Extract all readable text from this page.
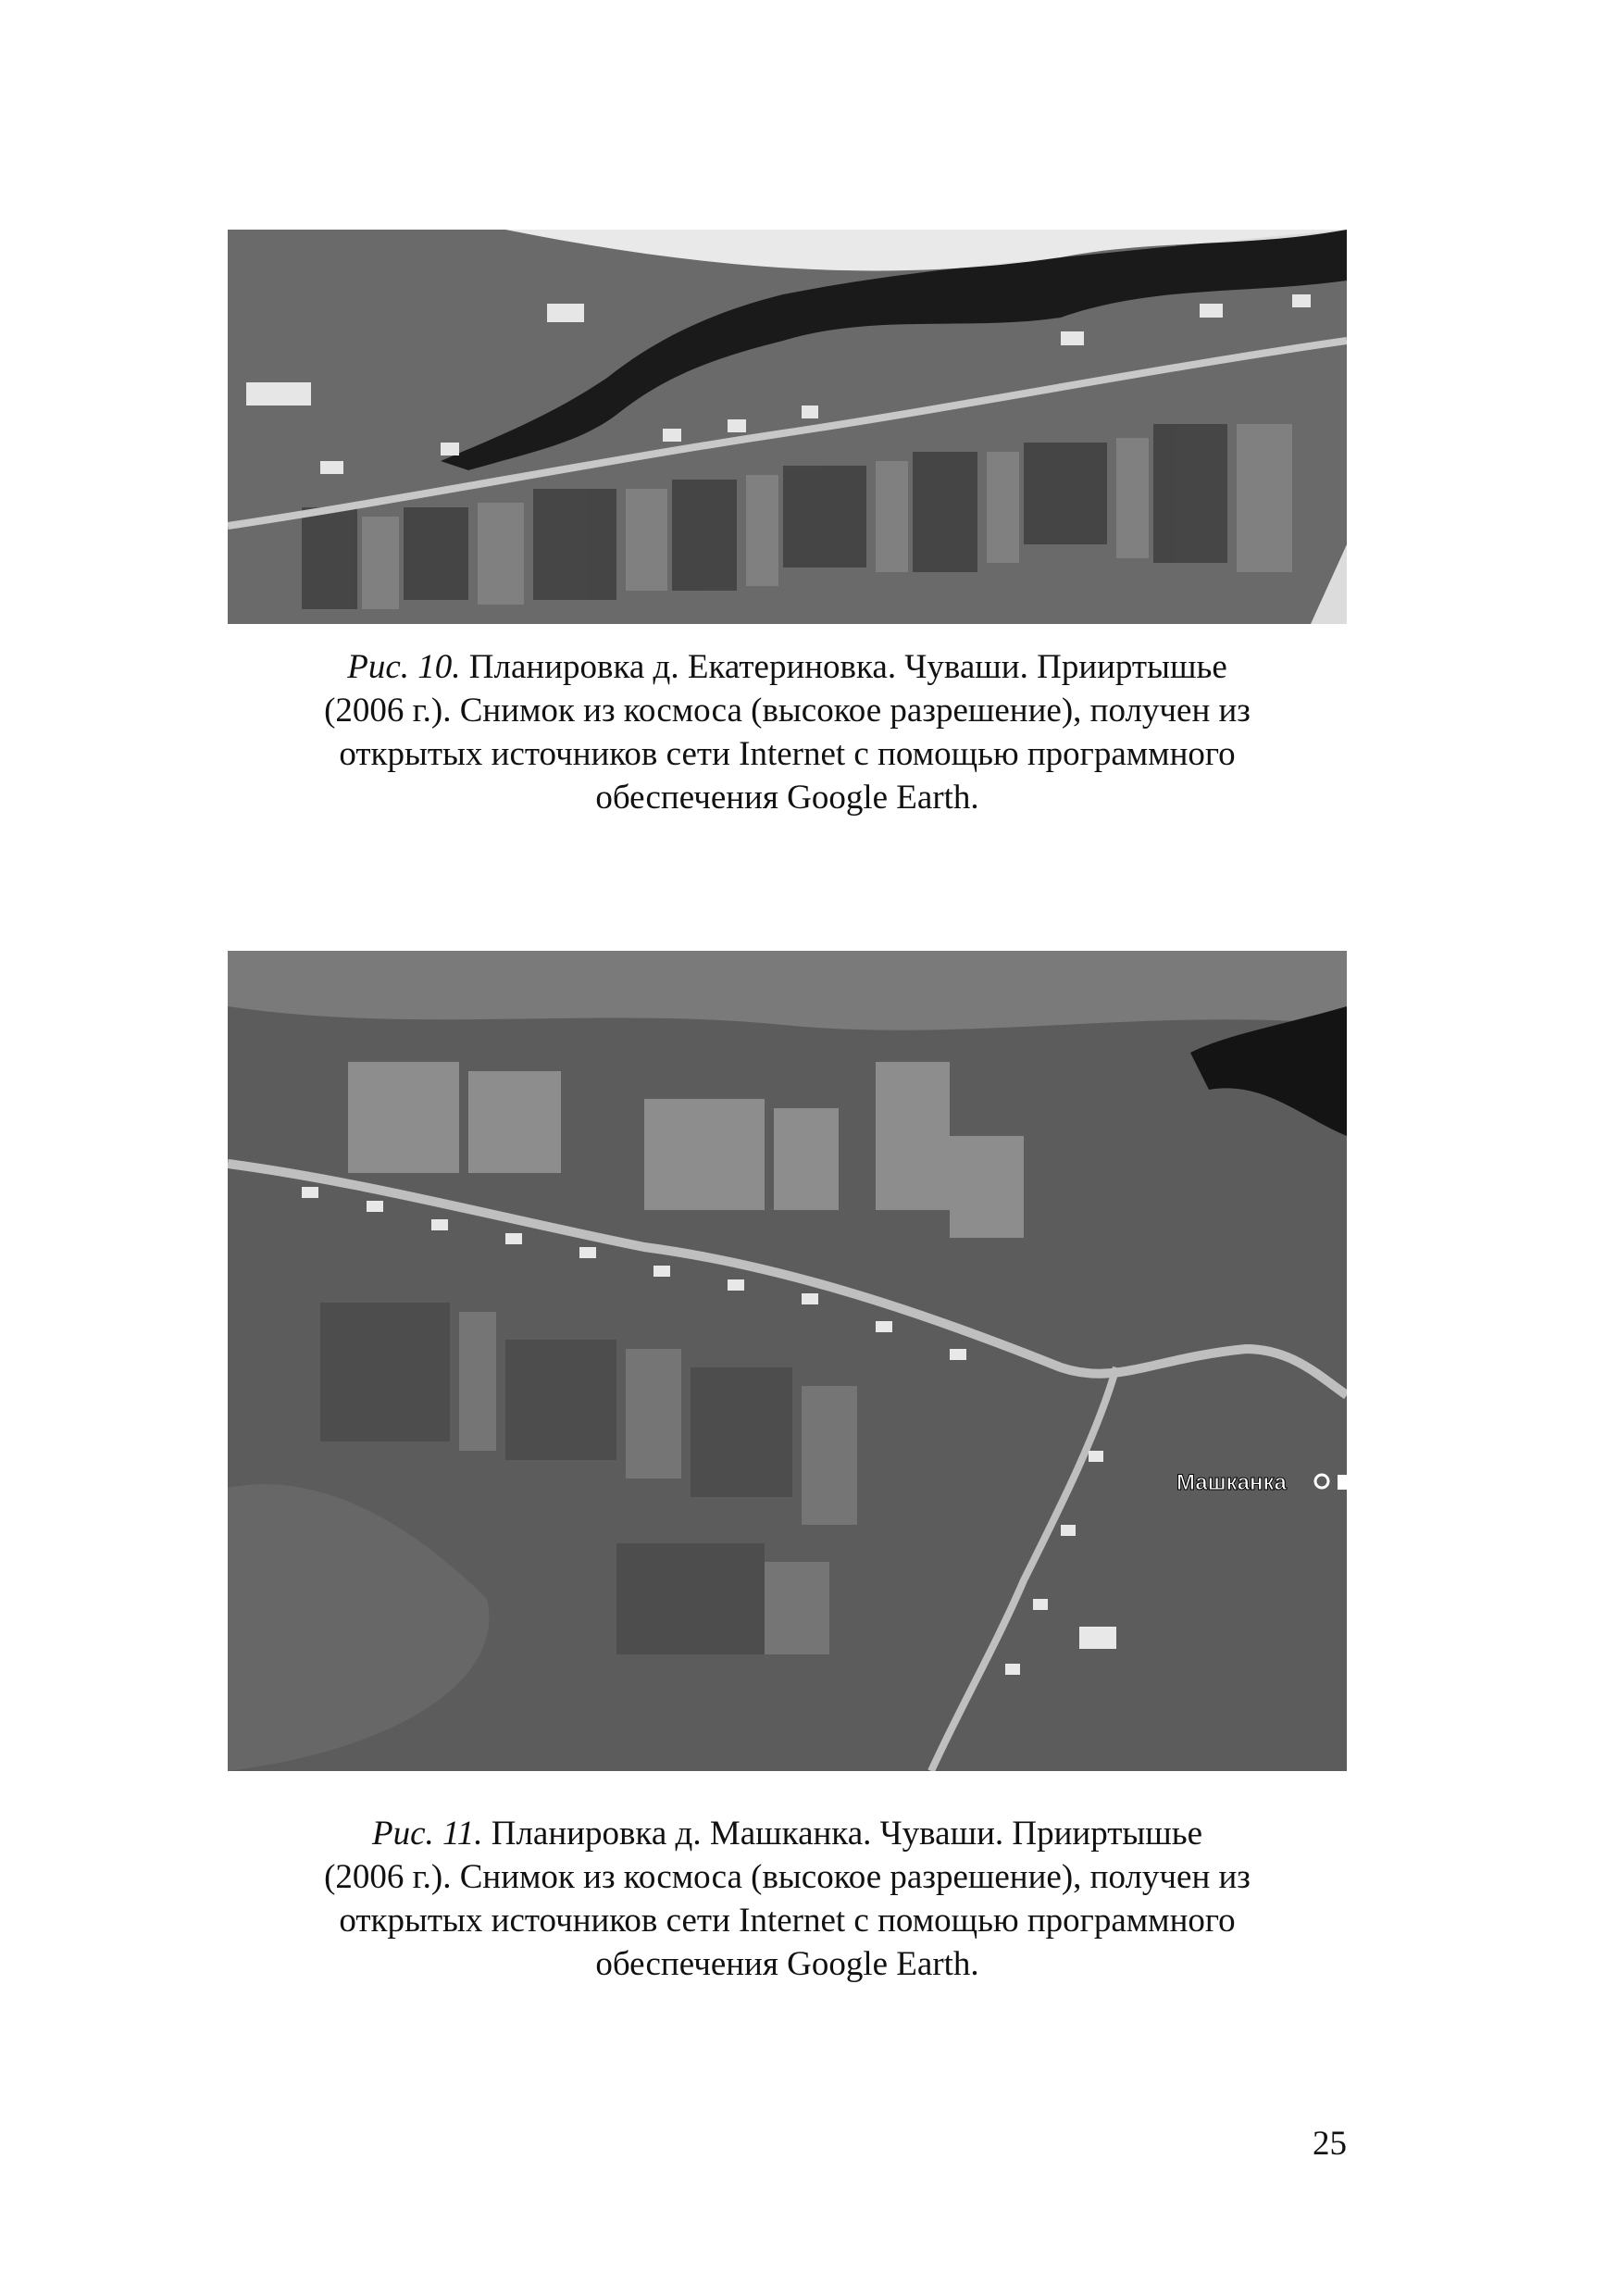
Рис. 10. Планировка д. Екатериновка. Чуваши. Прииртышье
(2006 г.). Снимок из космоса (высокое разрешение), получен из
открытых источников сети Internet с помощью программного
обеспечения Google Earth.
Машканка
Рис. 11. Планировка д. Машканка. Чуваши. Прииртышье
(2006 г.). Снимок из космоса (высокое разрешение), получен из
открытых источников сети Internet с помощью программного
обеспечения Google Earth.
25
